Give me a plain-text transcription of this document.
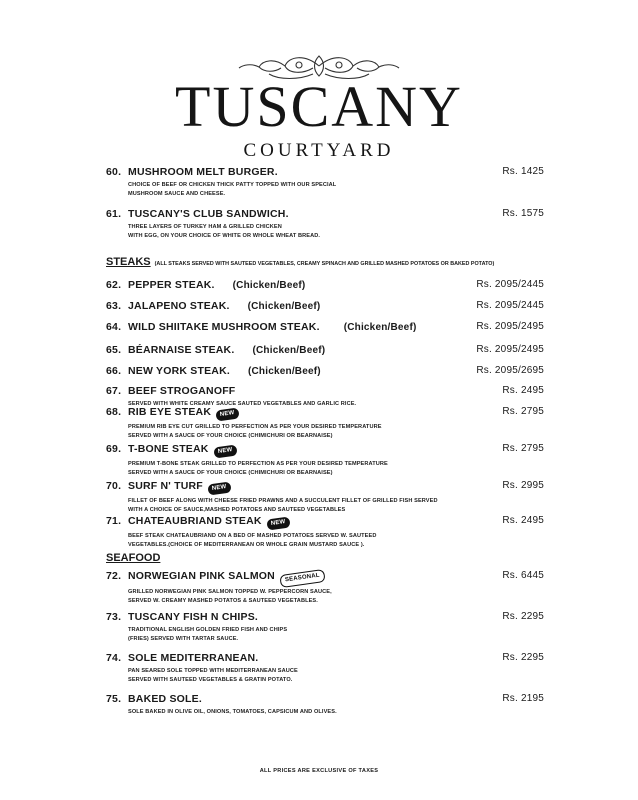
TUSCANY
COURTYARD
60. MUSHROOM MELT BURGER.	Rs. 1425
CHOICE OF BEEF OR CHICKEN THICK PATTY TOPPED WITH OUR SPECIAL
MUSHROOM SAUCE AND CHEESE.
61. TUSCANY'S CLUB SANDWICH.	Rs. 1575
THREE LAYERS OF TURKEY HAM & GRILLED CHICKEN
WITH EGG, ON YOUR CHOICE OF WHITE OR WHOLE WHEAT BREAD.
STEAKS (ALL STEAKS SERVED WITH SAUTEED VEGETABLES, CREAMY SPINACH AND GRILLED MASHED POTATOES OR BAKED POTATO)
62. PEPPER STEAK. (Chicken/Beef)	Rs. 2095/2445
63. JALAPENO STEAK. (Chicken/Beef)	Rs. 2095/2445
64. WILD SHIITAKE MUSHROOM STEAK. (Chicken/Beef)	Rs. 2095/2495
65. BÉARNAISE STEAK. (Chicken/Beef)	Rs. 2095/2495
66. NEW YORK STEAK. (Chicken/Beef)	Rs. 2095/2695
67. BEEF STROGANOFF	Rs. 2495
SERVED WITH WHITE CREAMY SAUCE SAUTED VEGETABLES AND GARLIC RICE.
68. RIB EYE STEAK	NEW	Rs. 2795
PREMIUM RIB EYE CUT GRILLED TO PERFECTION AS PER YOUR DESIRED TEMPERATURE
SERVED WITH A SAUCE OF YOUR CHOICE (CHIMICHURI OR BEARNAISE)
69. T-BONE STEAK	NEW	Rs. 2795
PREMIUM T-BONE STEAK GRILLED TO PERFECTION AS PER YOUR DESIRED TEMPERATURE
SERVED WITH A SAUCE OF YOUR CHOICE (CHIMICHURI OR BEARNAISE)
70. SURF N' TURF	NEW	Rs. 2995
FILLET OF BEEF ALONG WITH CHEESE FRIED PRAWNS AND A SUCCULENT FILLET OF GRILLED FISH SERVED
WITH A CHOICE OF SAUCE,MASHED POTATOES AND SAUTEED VEGETABLES
SEAFOOD
71. CHATEAUBRIAND STEAK	NEW	Rs. 2495
BEEF STEAK CHATEAUBRIAND ON A BED OF MASHED POTATOES SERVED W. SAUTEED
VEGETABLES.(CHOICE OF MEDITERRANEAN OR WHOLE GRAIN MUSTARD SAUCE ).
72. NORWEGIAN PINK SALMON	SEASONAL	Rs. 6445
GRILLED NORWEGIAN PINK SALMON TOPPED W. PEPPERCORN SAUCE,
SERVED W. CREAMY MASHED POTATOS & SAUTEED VEGETABLES.
73. TUSCANY FISH N CHIPS.	Rs. 2295
TRADITIONAL ENGLISH GOLDEN FRIED FISH AND CHIPS
(FRIES) SERVED WITH TARTAR SAUCE.
74. SOLE MEDITERRANEAN.	Rs. 2295
PAN SEARED SOLE TOPPED WITH MEDITERRANEAN SAUCE
SERVED WITH SAUTEED VEGETABLES & GRATIN POTATO.
75. BAKED SOLE.	Rs. 2195
SOLE BAKED IN OLIVE OIL, ONIONS, TOMATOES, CAPSICUM AND OLIVES.
ALL PRICES ARE EXCLUSIVE OF TAXES
